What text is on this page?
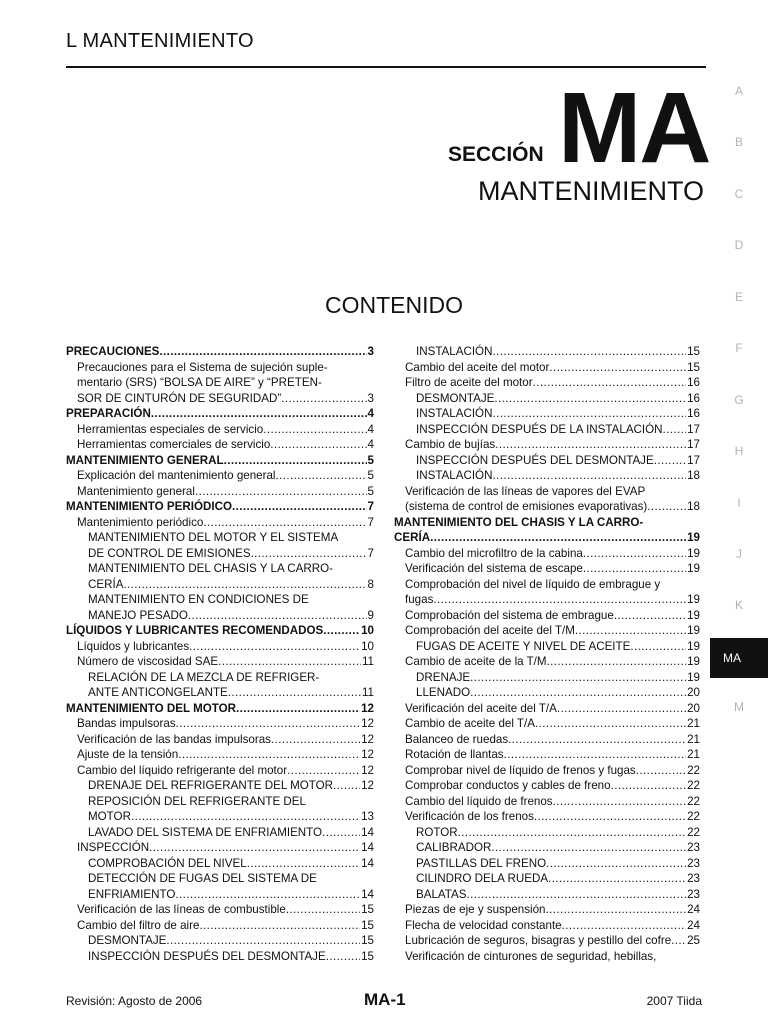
L MANTENIMIENTO
SECCIÓN MA
MANTENIMIENTO
CONTENIDO
PRECAUCIONES .....	3
Precauciones para el Sistema de sujeción suple-
mentario (SRS) “BOLSA DE AIRE” y “PRETEN-
SOR DE CINTURÓN DE SEGURIDAD” .....	3
PREPARACIÓN .....	4
Herramientas especiales de servicio .....	4
Herramientas comerciales de servicio .....	4
MANTENIMIENTO GENERAL .....	5
Explicación del mantenimiento general .....	5
Mantenimiento general .....	5
MANTENIMIENTO PERIÓDICO .....	7
Mantenimiento periódico .....	7
MANTENIMIENTO DEL MOTOR Y EL SISTEMA
DE CONTROL DE EMISIONES .....	7
MANTENIMIENTO DEL CHASIS Y LA CARRO-
CERÍA .....	8
MANTENIMIENTO EN CONDICIONES DE
MANEJO PESADO .....	9
LÍQUIDOS Y LUBRICANTES RECOMENDADOS .....	10
Líquidos y lubricantes .....	10
Número de viscosidad SAE .....	11
RELACIÓN DE LA MEZCLA DE REFRIGER-
ANTE ANTICONGELANTE .....	11
MANTENIMIENTO DEL MOTOR .....	12
Bandas impulsoras .....	12
Verificación de las bandas impulsoras .....	12
Ajuste de la tensión .....	12
Cambio del líquido refrigerante del motor .....	12
DRENAJE DEL REFRIGERANTE DEL MOTOR ..... 12
REPOSICIÓN DEL REFRIGERANTE DEL
MOTOR .....	13
LAVADO DEL SISTEMA DE ENFRIAMIENTO .....	14
INSPECCIÓN .....	14
COMPROBACIÓN DEL NIVEL .....	14
DETECCIÓN DE FUGAS DEL SISTEMA DE
ENFRIAMIENTO .....	14
Verificación de las líneas de combustible .....	15
Cambio del filtro de aire .....	15
DESMONTAJE .....	15
INSPECCIÓN DESPUÉS DEL DESMONTAJE .....	15
INSTALACIÓN .....	15
Cambio del aceite del motor .....	15
Filtro de aceite del motor .....	16
DESMONTAJE .....	16
INSTALACIÓN .....	16
INSPECCIÓN DESPUÉS DE LA INSTALACIÓN ..... 17
Cambio de bujías .....	17
INSPECCIÓN DESPUÉS DEL DESMONTAJE .....	17
INSTALACIÓN .....	18
Verificación de las líneas de vapores del EVAP
(sistema de control de emisiones evaporativas) .....	18
MANTENIMIENTO DEL CHASIS Y LA CARRO-
CERÍA .....	19
Cambio del microfiltro de la cabina .....	19
Verificación del sistema de escape .....	19
Comprobación del nivel de líquido de embrague y
fugas .....	19
Comprobación del sistema de embrague .....	19
Comprobación del aceite del T/M .....	19
FUGAS DE ACEITE Y NIVEL DE ACEITE .....	19
Cambio de aceite de la T/M .....	19
DRENAJE .....	19
LLENADO .....	20
Verificación del aceite del T/A .....	20
Cambio de aceite del T/A .....	21
Balanceo de ruedas .....	21
Rotación de llantas .....	21
Comprobar nivel de líquido de frenos y fugas .....	22
Comprobar conductos y cables de freno .....	22
Cambio del líquido de frenos .....	22
Verificación de los frenos .....	22
ROTOR .....	22
CALIBRADOR .....	23
PASTILLAS DEL FRENO .....	23
CILINDRO DELA RUEDA .....	23
BALATAS .....	23
Piezas de eje y suspensión .....	24
Flecha de velocidad constante .....	24
Lubricación de seguros, bisagras y pestillo del cofre ..... 25
Verificación de cinturones de seguridad, hebillas,
A
B
C
D
E
F
G
H
I
J
K
MA
M
Revisión: Agosto de 2006	MA-1	2007 Tiida
